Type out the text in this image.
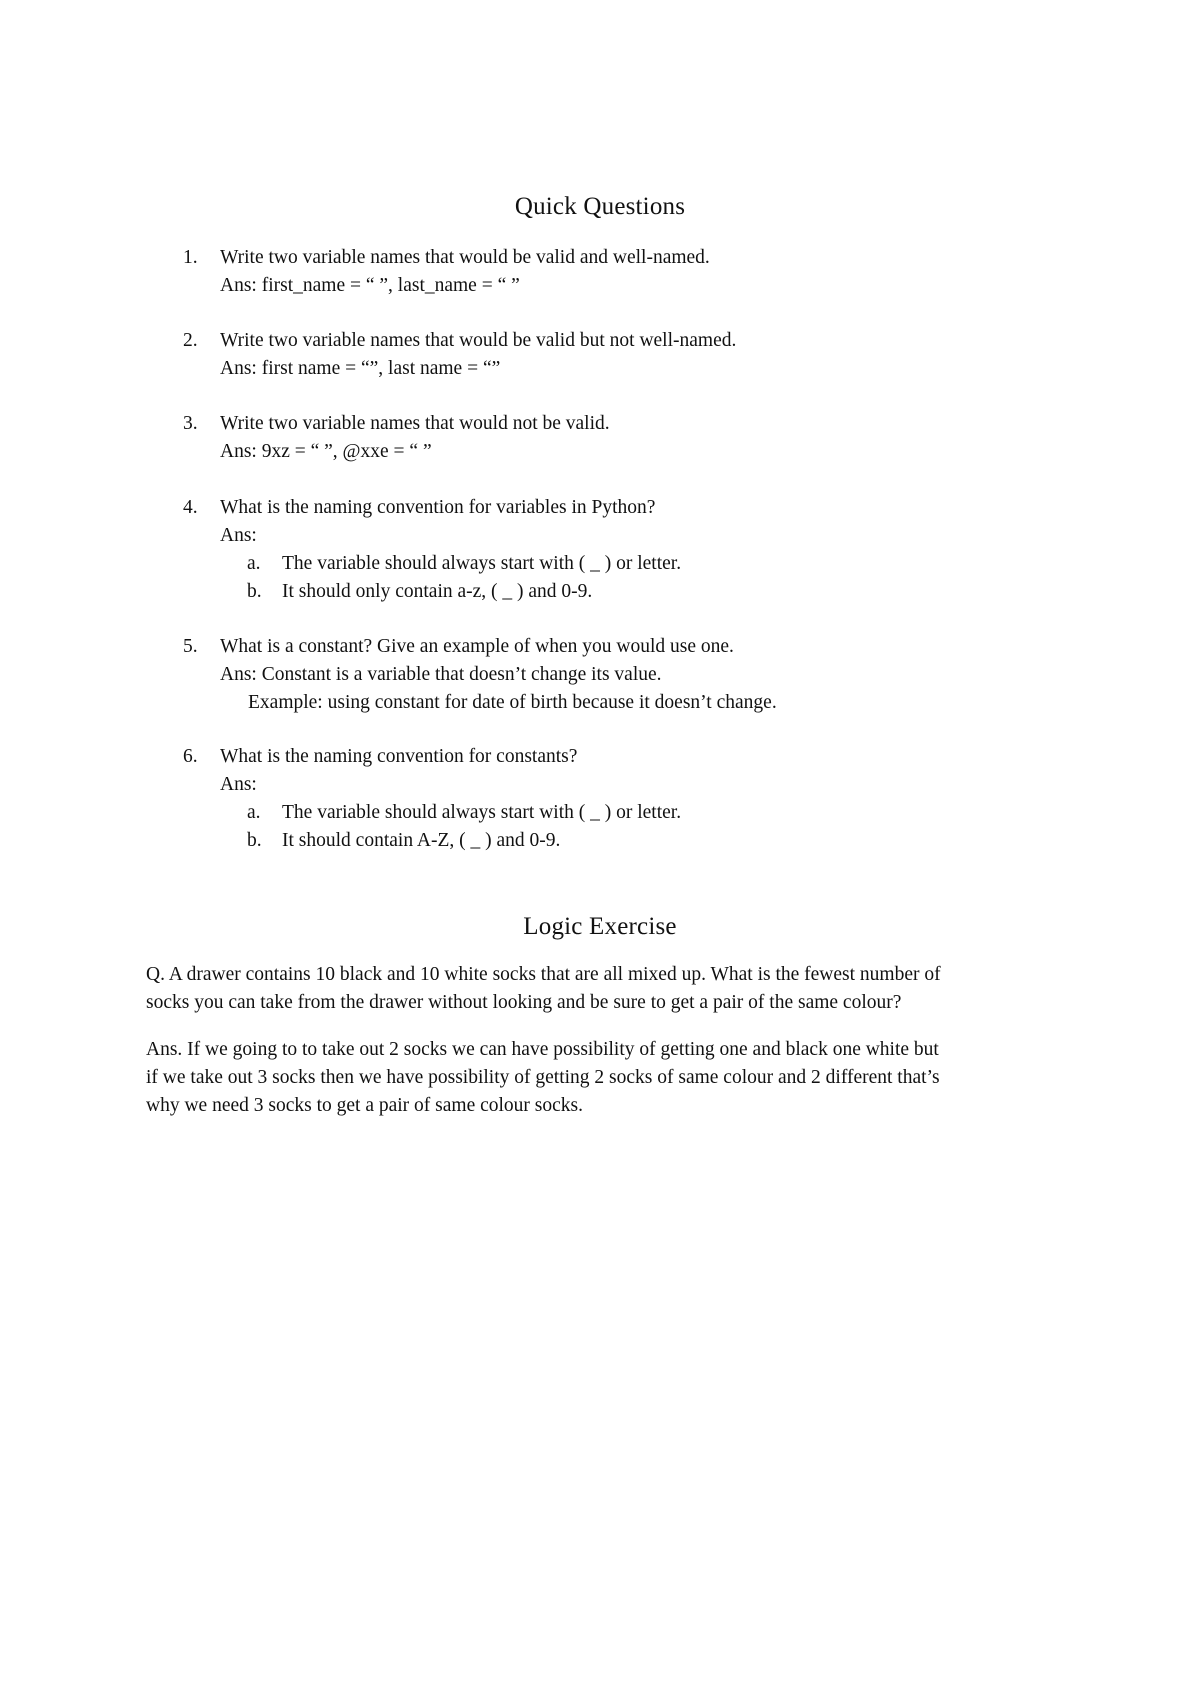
Quick Questions
1. Write two variable names that would be valid and well-named.
Ans: first_name = “ ”, last_name = “ ”
2. Write two variable names that would be valid but not well-named.
Ans: first name = “”, last name = “”
3. Write two variable names that would not be valid.
Ans: 9xz = “ ”, @xxe = “ ”
4. What is the naming convention for variables in Python?
Ans:
a. The variable should always start with ( _ ) or letter.
b. It should only contain a-z, ( _ ) and 0-9.
5. What is a constant? Give an example of when you would use one.
Ans: Constant is a variable that doesn’t change its value.
Example: using constant for date of birth because it doesn’t change.
6. What is the naming convention for constants?
Ans:
a. The variable should always start with ( _ ) or letter.
b. It should contain A-Z, ( _ ) and 0-9.
Logic Exercise
Q. A drawer contains 10 black and 10 white socks that are all mixed up. What is the fewest number of
socks you can take from the drawer without looking and be sure to get a pair of the same colour?
Ans. If we going to to take out 2 socks we can have possibility of getting one and black one white but
if we take out 3 socks then we have possibility of getting 2 socks of same colour and 2 different that’s
why we need 3 socks to get a pair of same colour socks.
